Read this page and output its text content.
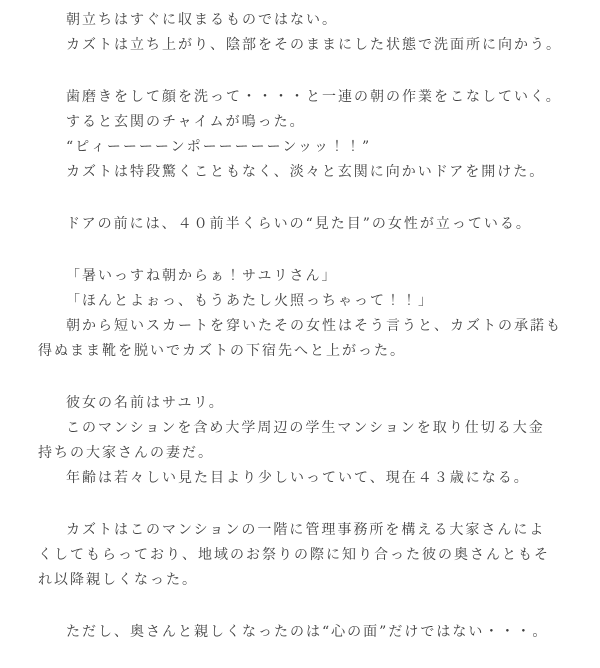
朝立ちはすぐに収まるものではない。
カズトは立ち上がり、陰部をそのままにした状態で洗面所に向かう。
歯磨きをして顔を洗って・・・・と一連の朝の作業をこなしていく。
すると玄関のチャイムが鳴った。
“ピィーーーーンポーーーーーンッッ！！”
カズトは特段驚くこともなく、淡々と玄関に向かいドアを開けた。
ドアの前には、４０前半くらいの“見た目”の女性が立っている。
「暑いっすね朝からぁ！サユリさん」
「ほんとよぉっ、もうあたし火照っちゃって！！」
朝から短いスカートを穿いたその女性はそう言うと、カズトの承諾も
得ぬまま靴を脱いでカズトの下宿先へと上がった。
彼女の名前はサユリ。
このマンションを含め大学周辺の学生マンションを取り仕切る大金
持ちの大家さんの妻だ。
年齢は若々しい見た目より少しいっていて、現在４３歳になる。
カズトはこのマンションの一階に管理事務所を構える大家さんによ
くしてもらっており、地域のお祭りの際に知り合った彼の奥さんともそ
れ以降親しくなった。
ただし、奥さんと親しくなったのは“心の面”だけではない・・・。
